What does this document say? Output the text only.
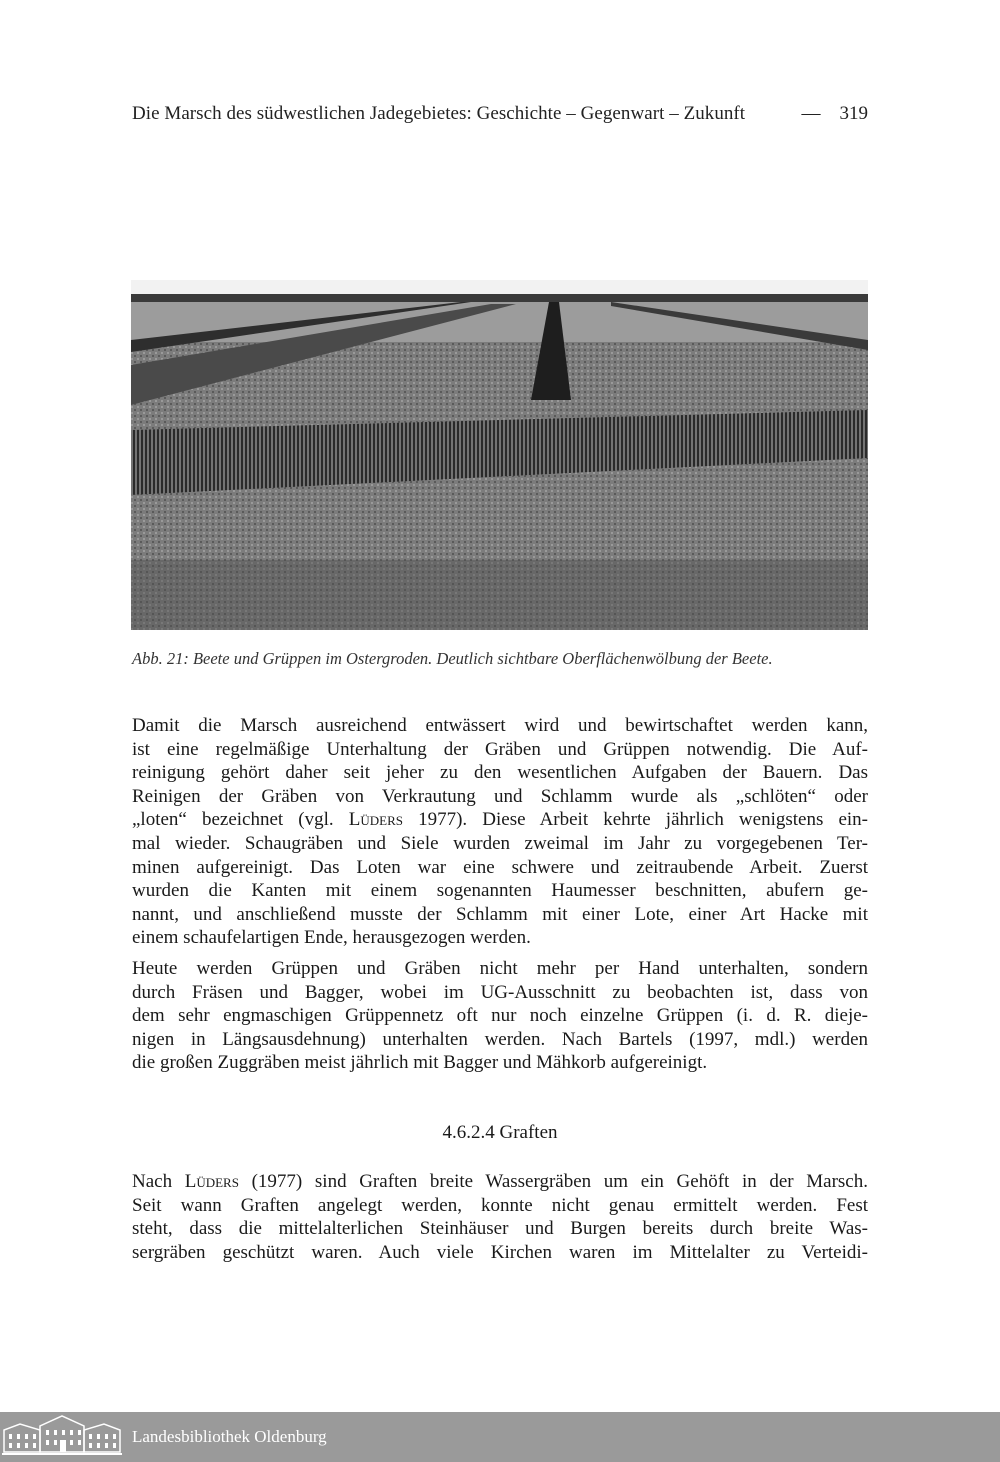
Die Marsch des südwestlichen Jadegebietes: Geschichte – Gegenwart – Zukunft	— 319
Abb. 21: Beete und Grüppen im Ostergroden. Deutlich sichtbare Oberflächenwölbung der Beete.
Damit die Marsch ausreichend entwässert wird und bewirtschaftet werden kann,
ist eine regelmäßige Unterhaltung der Gräben und Grüppen notwendig. Die Auf-
reinigung gehört daher seit jeher zu den wesentlichen Aufgaben der Bauern. Das
Reinigen der Gräben von Verkrautung und Schlamm wurde als „schlöten“ oder
„loten“ bezeichnet (vgl. Lüders 1977). Diese Arbeit kehrte jährlich wenigstens ein-
mal wieder. Schaugräben und Siele wurden zweimal im Jahr zu vorgegebenen Ter-
minen aufgereinigt. Das Loten war eine schwere und zeitraubende Arbeit. Zuerst
wurden die Kanten mit einem sogenannten Haumesser beschnitten, abufern ge-
nannt, und anschließend musste der Schlamm mit einer Lote, einer Art Hacke mit
einem schaufelartigen Ende, herausgezogen werden.
Heute werden Grüppen und Gräben nicht mehr per Hand unterhalten, sondern
durch Fräsen und Bagger, wobei im UG-Ausschnitt zu beobachten ist, dass von
dem sehr engmaschigen Grüppennetz oft nur noch einzelne Grüppen (i. d. R. dieje-
nigen in Längsausdehnung) unterhalten werden. Nach Bartels (1997, mdl.) werden
die großen Zuggräben meist jährlich mit Bagger und Mähkorb aufgereinigt.
4.6.2.4 Graften
Nach Lüders (1977) sind Graften breite Wassergräben um ein Gehöft in der Marsch.
Seit wann Graften angelegt werden, konnte nicht genau ermittelt werden. Fest
steht, dass die mittelalterlichen Steinhäuser und Burgen bereits durch breite Was-
sergräben geschützt waren. Auch viele Kirchen waren im Mittelalter zu Verteidi-
Landesbibliothek Oldenburg
